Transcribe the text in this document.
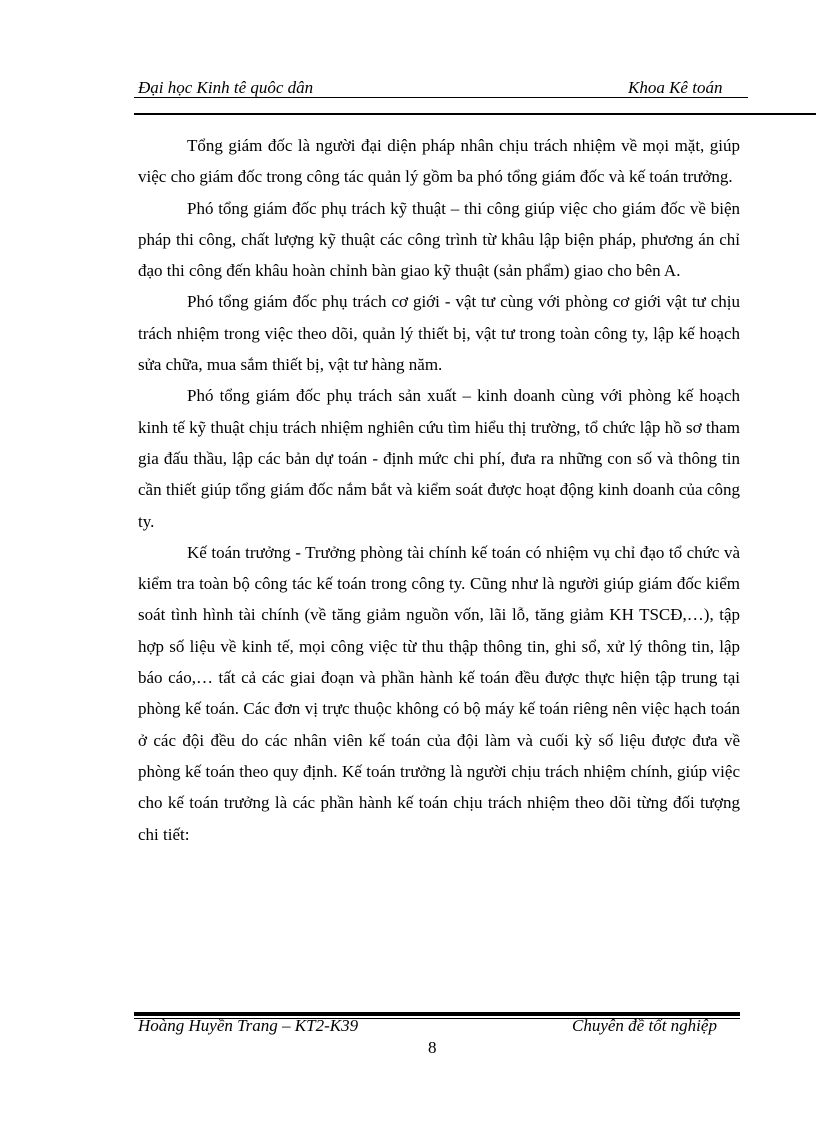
Đại học Kinh tê quôc dân	Khoa Kê toán

Tổng giám đốc là người đại diện pháp nhân chịu trách nhiệm về mọi mặt, giúp việc cho giám đốc trong công tác quản lý gồm ba phó tổng giám đốc và kế toán trưởng.

Phó tổng giám đốc phụ trách kỹ thuật – thi công giúp việc cho giám đốc về biện pháp thi công, chất lượng kỹ thuật các công trình từ khâu lập biện pháp, phương án chỉ đạo thi công đến khâu hoàn chỉnh bàn giao kỹ thuật (sản phẩm) giao cho bên A.

Phó tổng giám đốc phụ trách cơ giới - vật tư cùng với phòng cơ giới vật tư chịu trách nhiệm trong việc theo dõi, quản lý thiết bị, vật tư trong toàn công ty, lập kế hoạch sửa chữa, mua sắm thiết bị, vật tư hàng năm.

Phó tổng giám đốc phụ trách sản xuất – kinh doanh cùng với phòng kế hoạch kinh tế kỹ thuật chịu trách nhiệm nghiên cứu tìm hiểu thị trường, tổ chức lập hồ sơ tham gia đấu thầu, lập các bản dự toán - định mức chi phí, đưa ra những con số và thông tin cần thiết giúp tổng giám đốc nắm bắt và kiểm soát được hoạt động kinh doanh của công ty.

Kế toán trưởng - Trưởng phòng tài chính kế toán có nhiệm vụ chỉ đạo tổ chức và kiểm tra toàn bộ công tác kế toán trong công ty. Cũng như là người giúp giám đốc kiểm soát tình hình tài chính (về tăng giảm nguồn vốn, lãi lỗ, tăng giảm KH TSCĐ,…), tập hợp số liệu về kinh tế, mọi công việc từ thu thập thông tin, ghi sổ, xử lý thông tin, lập báo cáo,… tất cả các giai đoạn và phần hành kế toán đều được thực hiện tập trung tại phòng kế toán. Các đơn vị trực thuộc không có bộ máy kế toán riêng nên việc hạch toán ở các đội đều do các nhân viên kế toán của đội làm và cuối kỳ số liệu được đưa về phòng kế toán theo quy định. Kế toán trưởng là người chịu trách nhiệm chính, giúp việc cho kế toán trưởng là các phần hành kế toán chịu trách nhiệm theo dõi từng đối tượng chi tiết:

Hoàng Huyền Trang – KT2-K39	Chuyên đề tốt nghiệp
8
